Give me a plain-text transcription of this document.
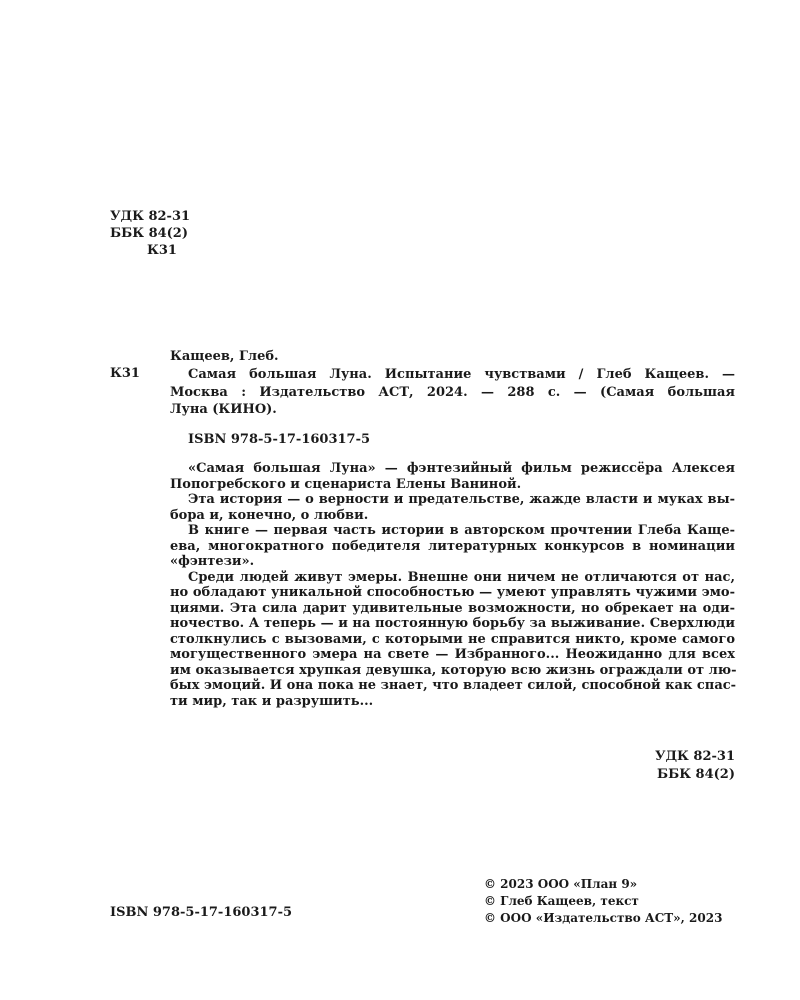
УДК 82-31
ББК 84(2)
К31
Кащеев, Глеб.
К31	Самая большая Луна. Испытание чувствами / Глеб Кащеев. —
Москва : Издательство АСТ, 2024. — 288 с. — (Самая большая
Луна (КИНО).
ISBN 978-5-17-160317-5
«Самая большая Луна» — фэнтезийный фильм режиссёра Алексея
Попогребского и сценариста Елены Ваниной.
Эта история — о верности и предательстве, жажде власти и муках вы-
бора и, конечно, о любви.
В книге — первая часть истории в авторском прочтении Глеба Каще-
ева, многократного победителя литературных конкурсов в номинации
«фэнтези».
Среди людей живут эмеры. Внешне они ничем не отличаются от нас,
но обладают уникальной способностью — умеют управлять чужими эмо-
циями. Эта сила дарит удивительные возможности, но обрекает на оди-
ночество. А теперь — и на постоянную борьбу за выживание. Сверхлюди
столкнулись с вызовами, с которыми не справится никто, кроме самого
могущественного эмера на свете — Избранного... Неожиданно для всех
им оказывается хрупкая девушка, которую всю жизнь ограждали от лю-
бых эмоций. И она пока не знает, что владеет силой, способной как спас-
ти мир, так и разрушить...
УДК 82-31
ББК 84(2)
ISBN 978-5-17-160317-5
© 2023 ООО «План 9»
© Глеб Кащеев, текст
© ООО «Издательство АСТ», 2023
